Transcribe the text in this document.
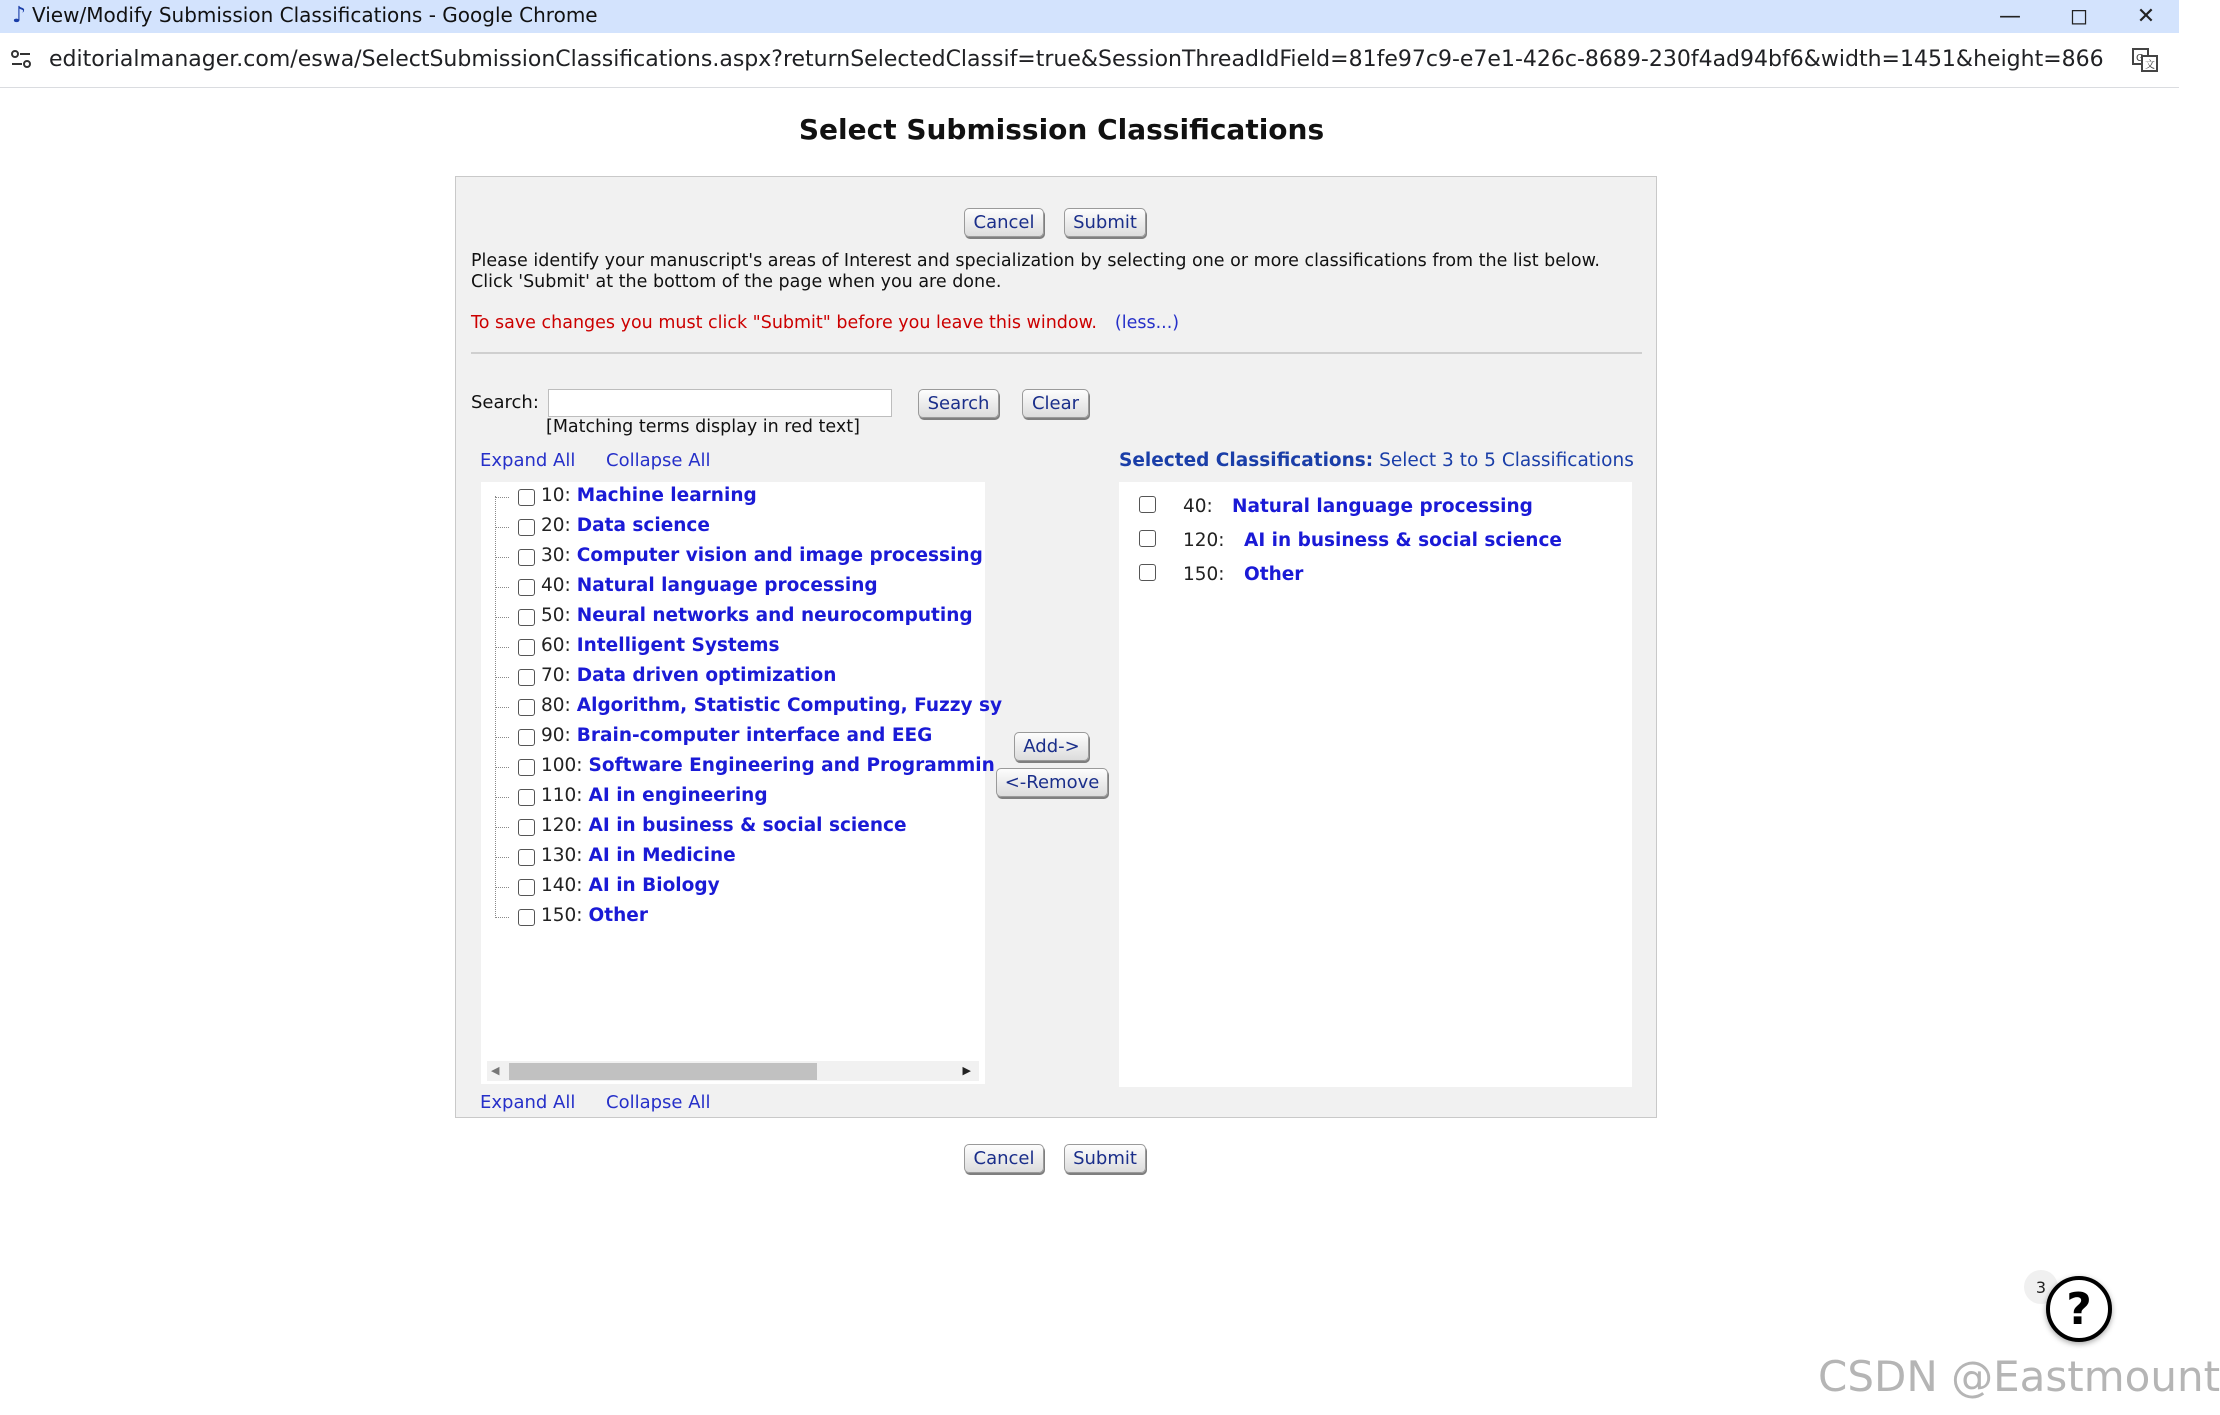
♪ View/Modify Submission Classifications - Google Chrome	—	◻	✕
editorialmanager.com/eswa/SelectSubmissionClassifications.aspx?returnSelectedClassif=true&SessionThreadIdField=81fe97c9-e7e1-426c-8689-230f4ad94bf6&width=1451&height=866	G
文
Select Submission Classifications
Cancel	Submit
Please identify your manuscript's areas of Interest and specialization by selecting one or more classifications from the list below.
Click 'Submit' at the bottom of the page when you are done.
To save changes you must click "Submit" before you leave this window. (less...)
Search:	Search	Clear
[Matching terms display in red text]
Expand All Collapse All
10: Machine learning
20: Data science
30: Computer vision and image processing
40: Natural language processing
50: Neural networks and neurocomputing
60: Intelligent Systems
70: Data driven optimization
80: Algorithm, Statistic Computing, Fuzzy sy
90: Brain-computer interface and EEG
100: Software Engineering and Programmin
110: AI in engineering
120: AI in business & social science
130: AI in Medicine
140: AI in Biology
150: Other
◀	▶
Add->
<-Remove
Selected Classifications: Select 3 to 5 Classifications
40: Natural language processing
120: AI in business & social science
150: Other
Expand All Collapse All
Cancel	Submit
3 ?
CSDN @Eastmount
